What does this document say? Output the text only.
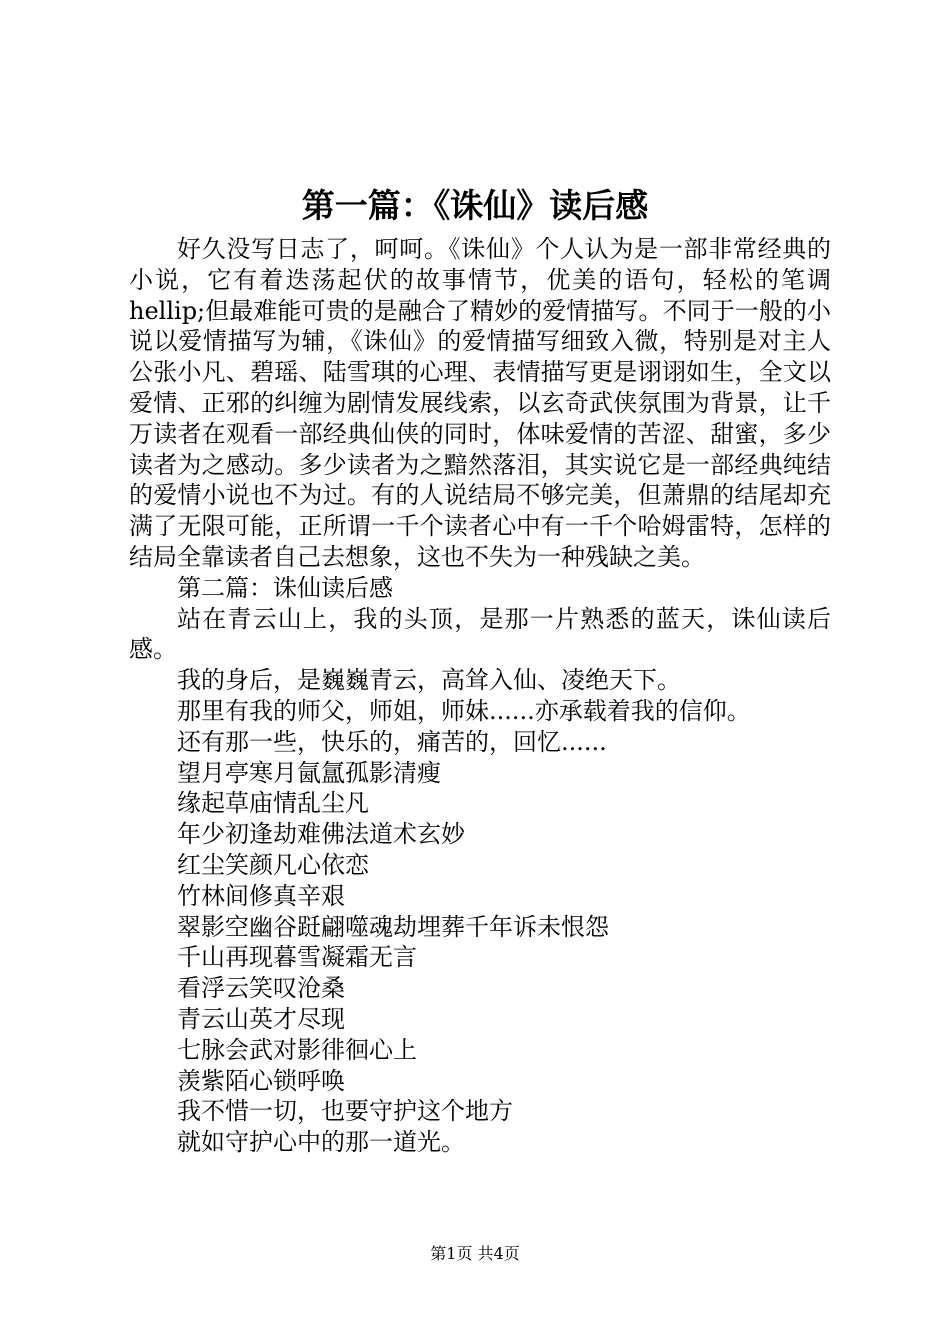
第一篇：《诛仙》读后感

好久没写日志了，呵呵。《诛仙》个人认为是一部非常经典的小说，它有着迭荡起伏的故事情节，优美的语句，轻松的笔调hellip;但最难能可贵的是融合了精妙的爱情描写。不同于一般的小说以爱情描写为辅，《诛仙》的爱情描写细致入微，特别是对主人公张小凡、碧瑶、陆雪琪的心理、表情描写更是诩诩如生，全文以爱情、正邪的纠缠为剧情发展线索，以玄奇武侠氛围为背景，让千万读者在观看一部经典仙侠的同时，体味爱情的苦涩、甜蜜，多少读者为之感动。多少读者为之黯然落泪，其实说它是一部经典纯结的爱情小说也不为过。有的人说结局不够完美，但萧鼎的结尾却充满了无限可能，正所谓一千个读者心中有一千个哈姆雷特，怎样的结局全靠读者自己去想象，这也不失为一种残缺之美。

第二篇：诛仙读后感

站在青云山上，我的头顶，是那一片熟悉的蓝天，诛仙读后感。

我的身后，是巍巍青云，高耸入仙、凌绝天下。

那里有我的师父，师姐，师妹......亦承载着我的信仰。

还有那一些，快乐的，痛苦的，回忆......

望月亭寒月氤氲孤影清瘦

缘起草庙情乱尘凡

年少初逢劫难佛法道术玄妙

红尘笑颜凡心依恋

竹林间修真辛艰

翠影空幽谷跹翩噬魂劫埋葬千年诉未恨怨

千山再现暮雪凝霜无言

看浮云笑叹沧桑

青云山英才尽现

七脉会武对影徘徊心上

羡紫陌心锁呼唤

我不惜一切，也要守护这个地方

就如守护心中的那一道光。

第1页 共4页
